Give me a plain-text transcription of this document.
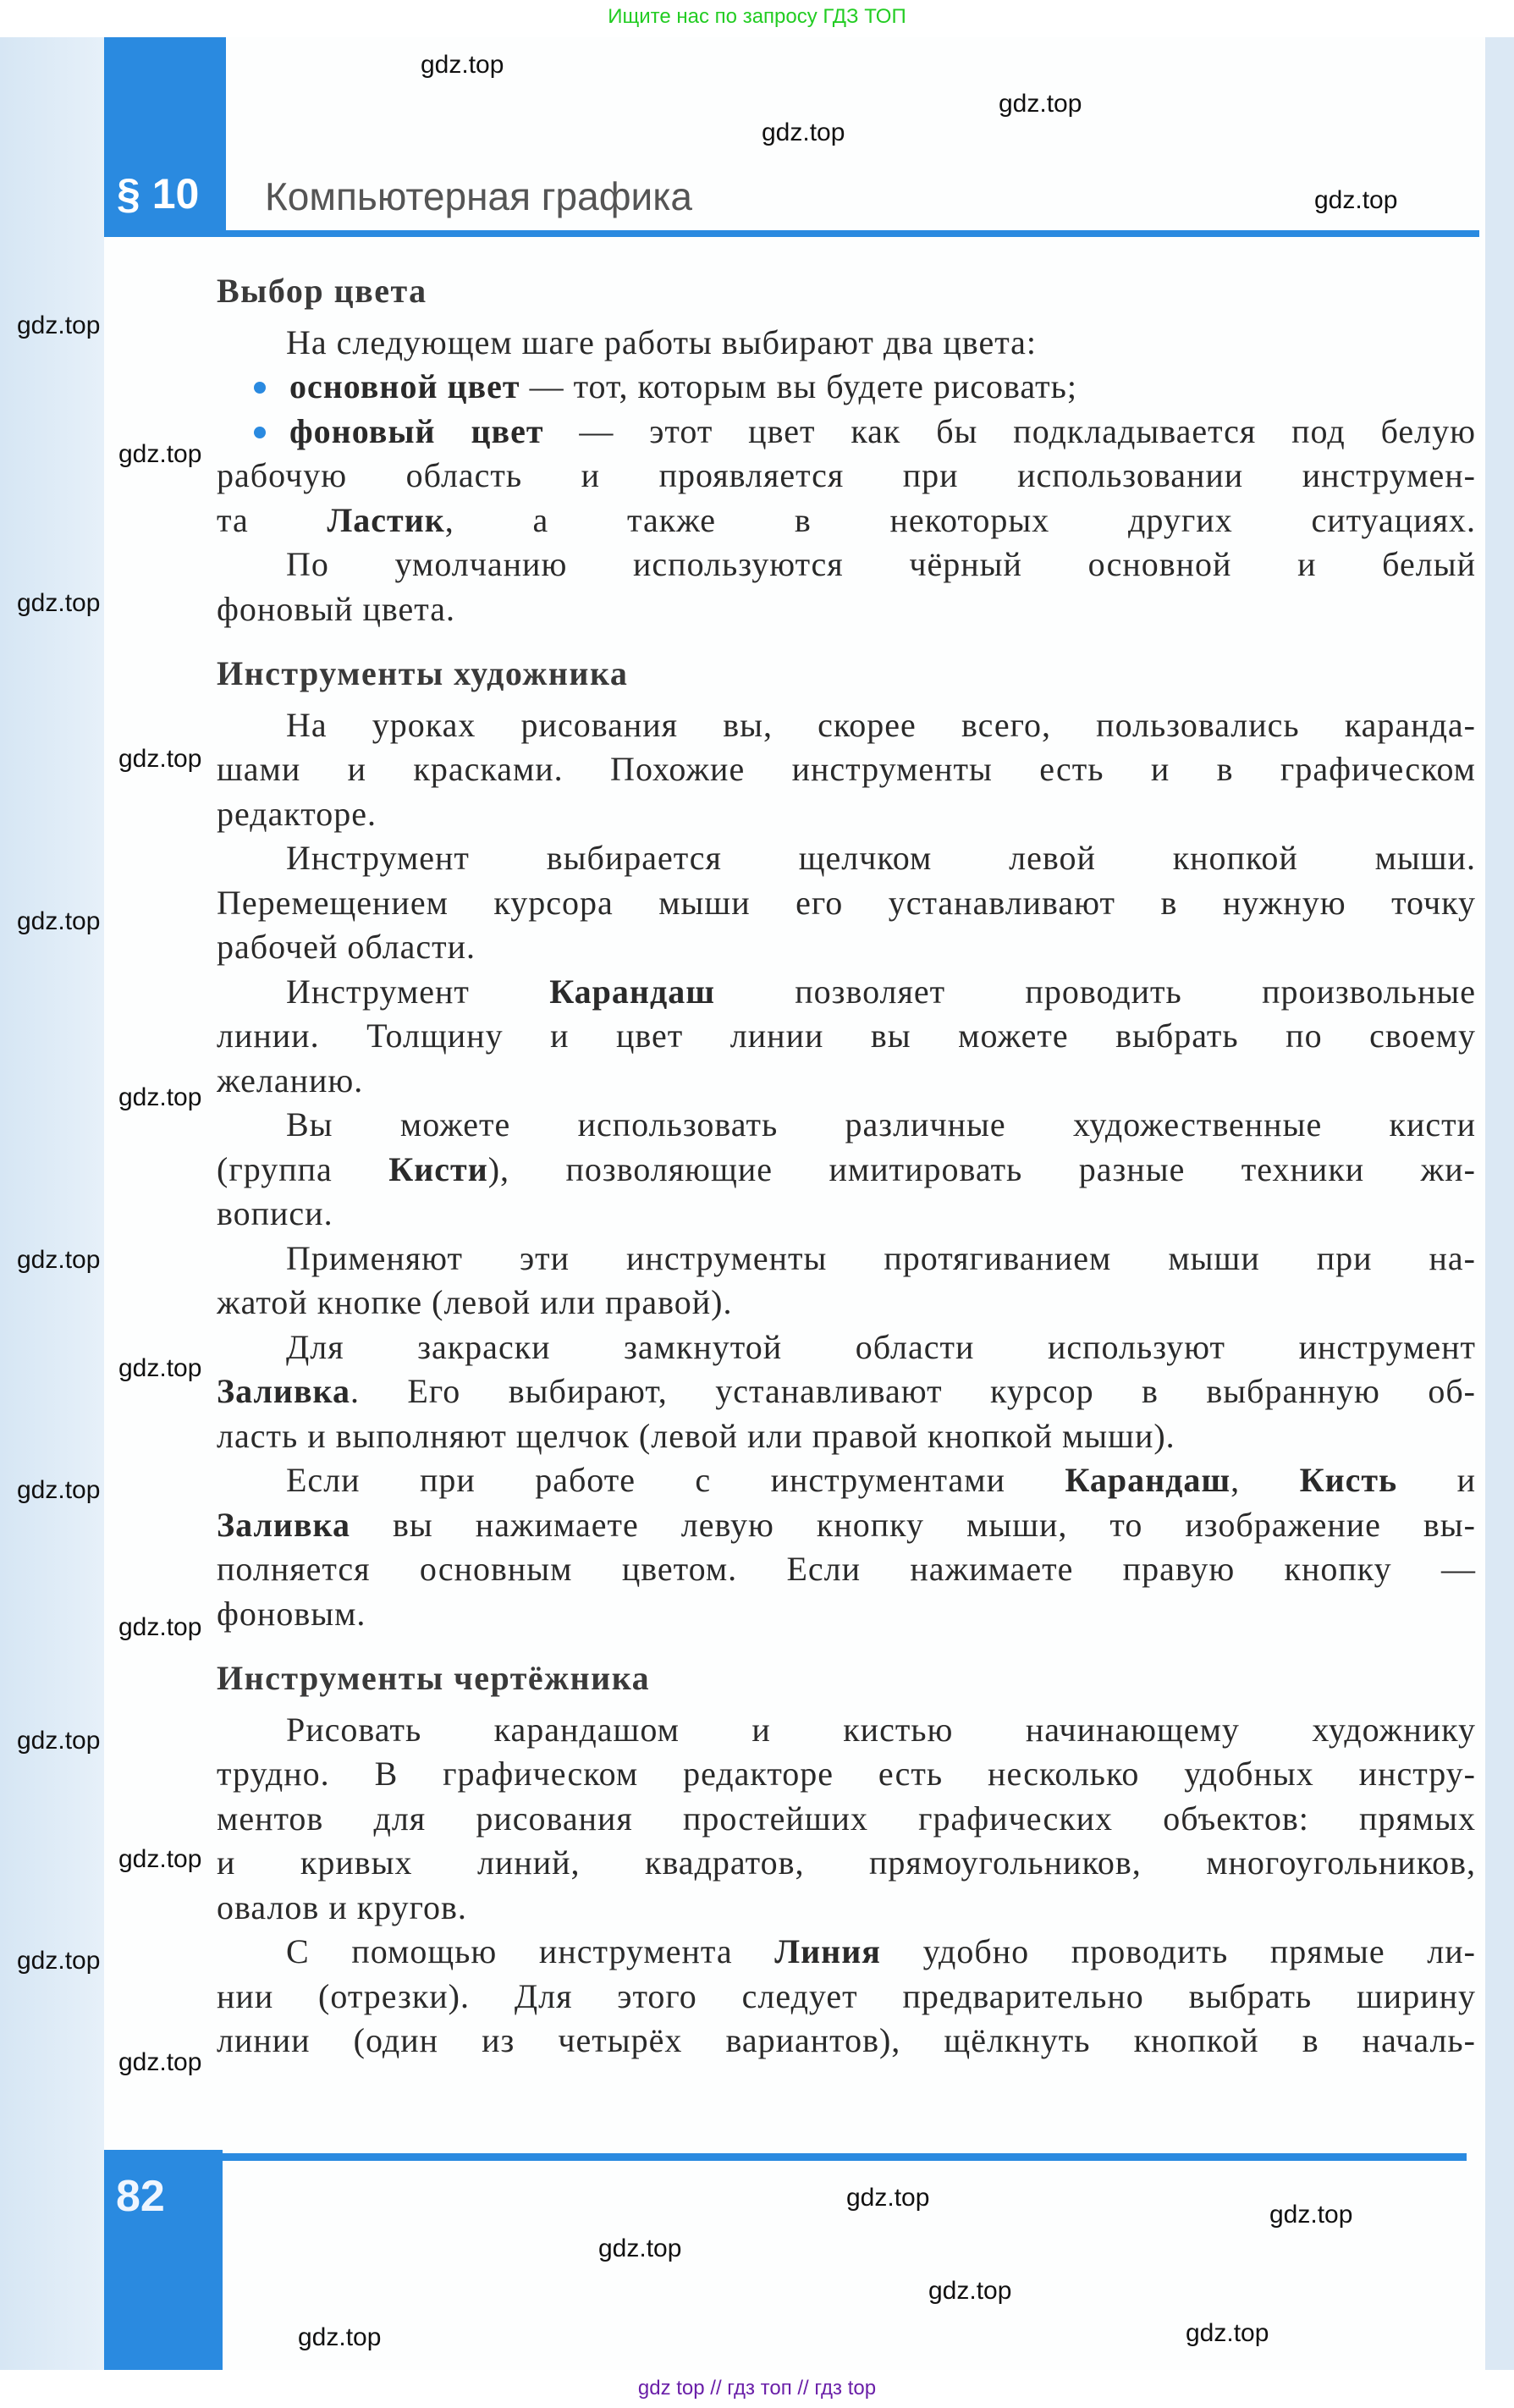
Ищите нас по запросу ГДЗ ТОП
§ 10 Компьютерная графика
Выбор цвета
На следующем шаге работы выбирают два цвета:
основной цвет — тот, которым вы будете рисовать;
фоновый цвет — этот цвет как бы подкладывается под белую
рабочую область и проявляется при использовании инструмен-
та Ластик, а также в некоторых других ситуациях.
По умолчанию используются чёрный основной и белый
фоновый цвета.
Инструменты художника
На уроках рисования вы, скорее всего, пользовались каранда-
шами и красками. Похожие инструменты есть и в графическом
редакторе.
Инструмент выбирается щелчком левой кнопкой мыши.
Перемещением курсора мыши его устанавливают в нужную точку
рабочей области.
Инструмент Карандаш позволяет проводить произвольные
линии. Толщину и цвет линии вы можете выбрать по своему
желанию.
Вы можете использовать различные художественные кисти
(группа Кисти), позволяющие имитировать разные техники жи-
вописи.
Применяют эти инструменты протягиванием мыши при на-
жатой кнопке (левой или правой).
Для закраски замкнутой области используют инструмент
Заливка. Его выбирают, устанавливают курсор в выбранную об-
ласть и выполняют щелчок (левой или правой кнопкой мыши).
Если при работе с инструментами Карандаш, Кисть и
Заливка вы нажимаете левую кнопку мыши, то изображение вы-
полняется основным цветом. Если нажимаете правую кнопку —
фоновым.
Инструменты чертёжника
Рисовать карандашом и кистью начинающему художнику
трудно. В графическом редакторе есть несколько удобных инстру-
ментов для рисования простейших графических объектов: прямых
и кривых линий, квадратов, прямоугольников, многоугольников,
овалов и кругов.
С помощью инструмента Линия удобно проводить прямые ли-
нии (отрезки). Для этого следует предварительно выбрать ширину
линии (один из четырёх вариантов), щёлкнуть кнопкой в началь-
82
gdz top // гдз топ // гдз top
gdz.top
gdz.top
gdz.top
gdz.top
gdz.top
gdz.top
gdz.top
gdz.top
gdz.top
gdz.top
gdz.top
gdz.top
gdz.top
gdz.top
gdz.top
gdz.top
gdz.top
gdz.top
gdz.top
gdz.top
gdz.top
gdz.top
gdz.top
gdz.top
